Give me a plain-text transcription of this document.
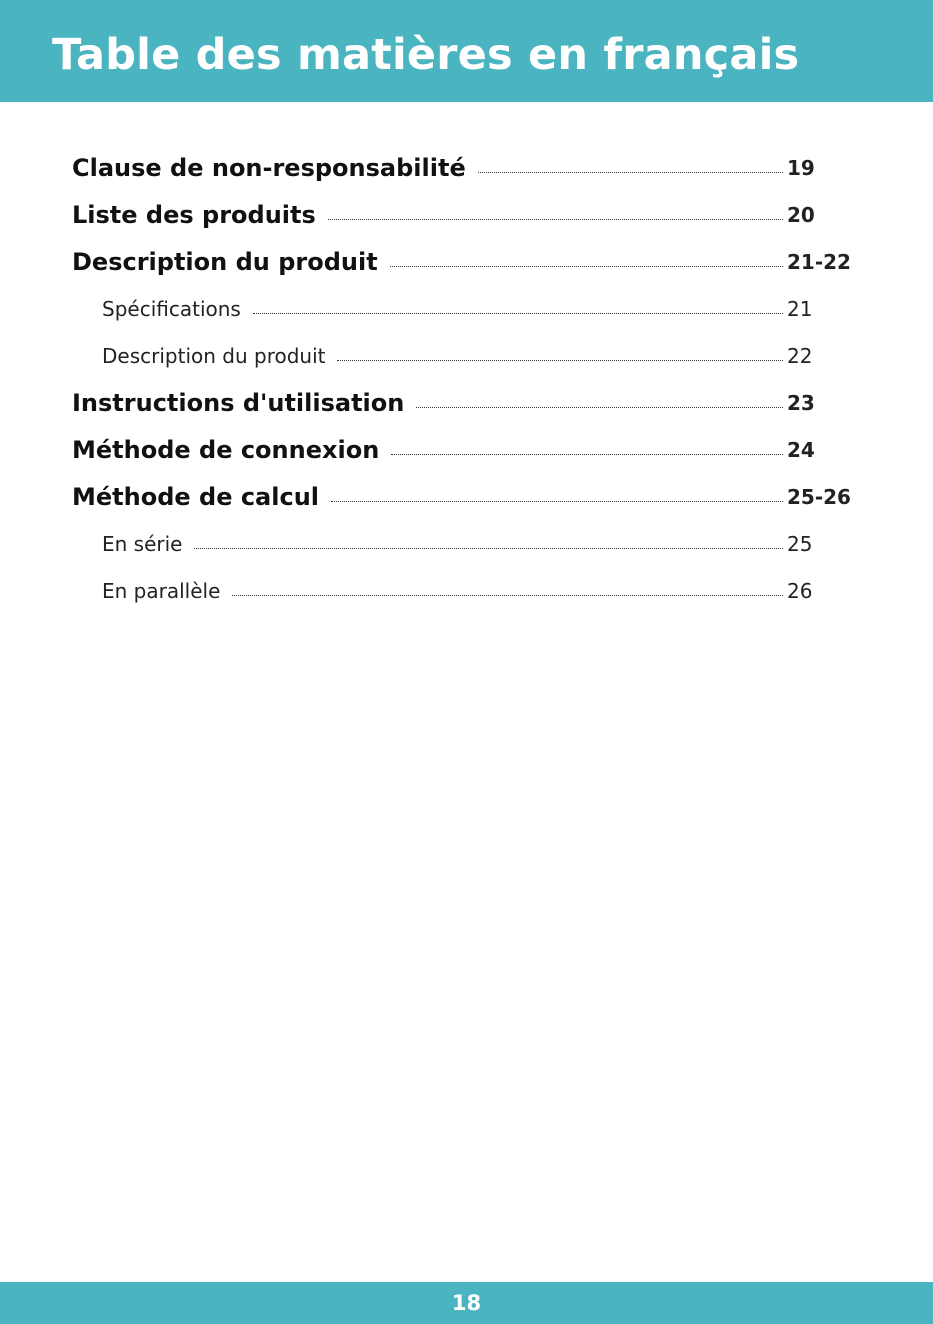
Table des matières en français
Clause de non-responsabilité	19
Liste des produits	20
Description du produit	21-22
Spécifications	21
Description du produit	22
Instructions d'utilisation	23
Méthode de connexion	24
Méthode de calcul	25-26
En série	25
En parallèle	26
18
